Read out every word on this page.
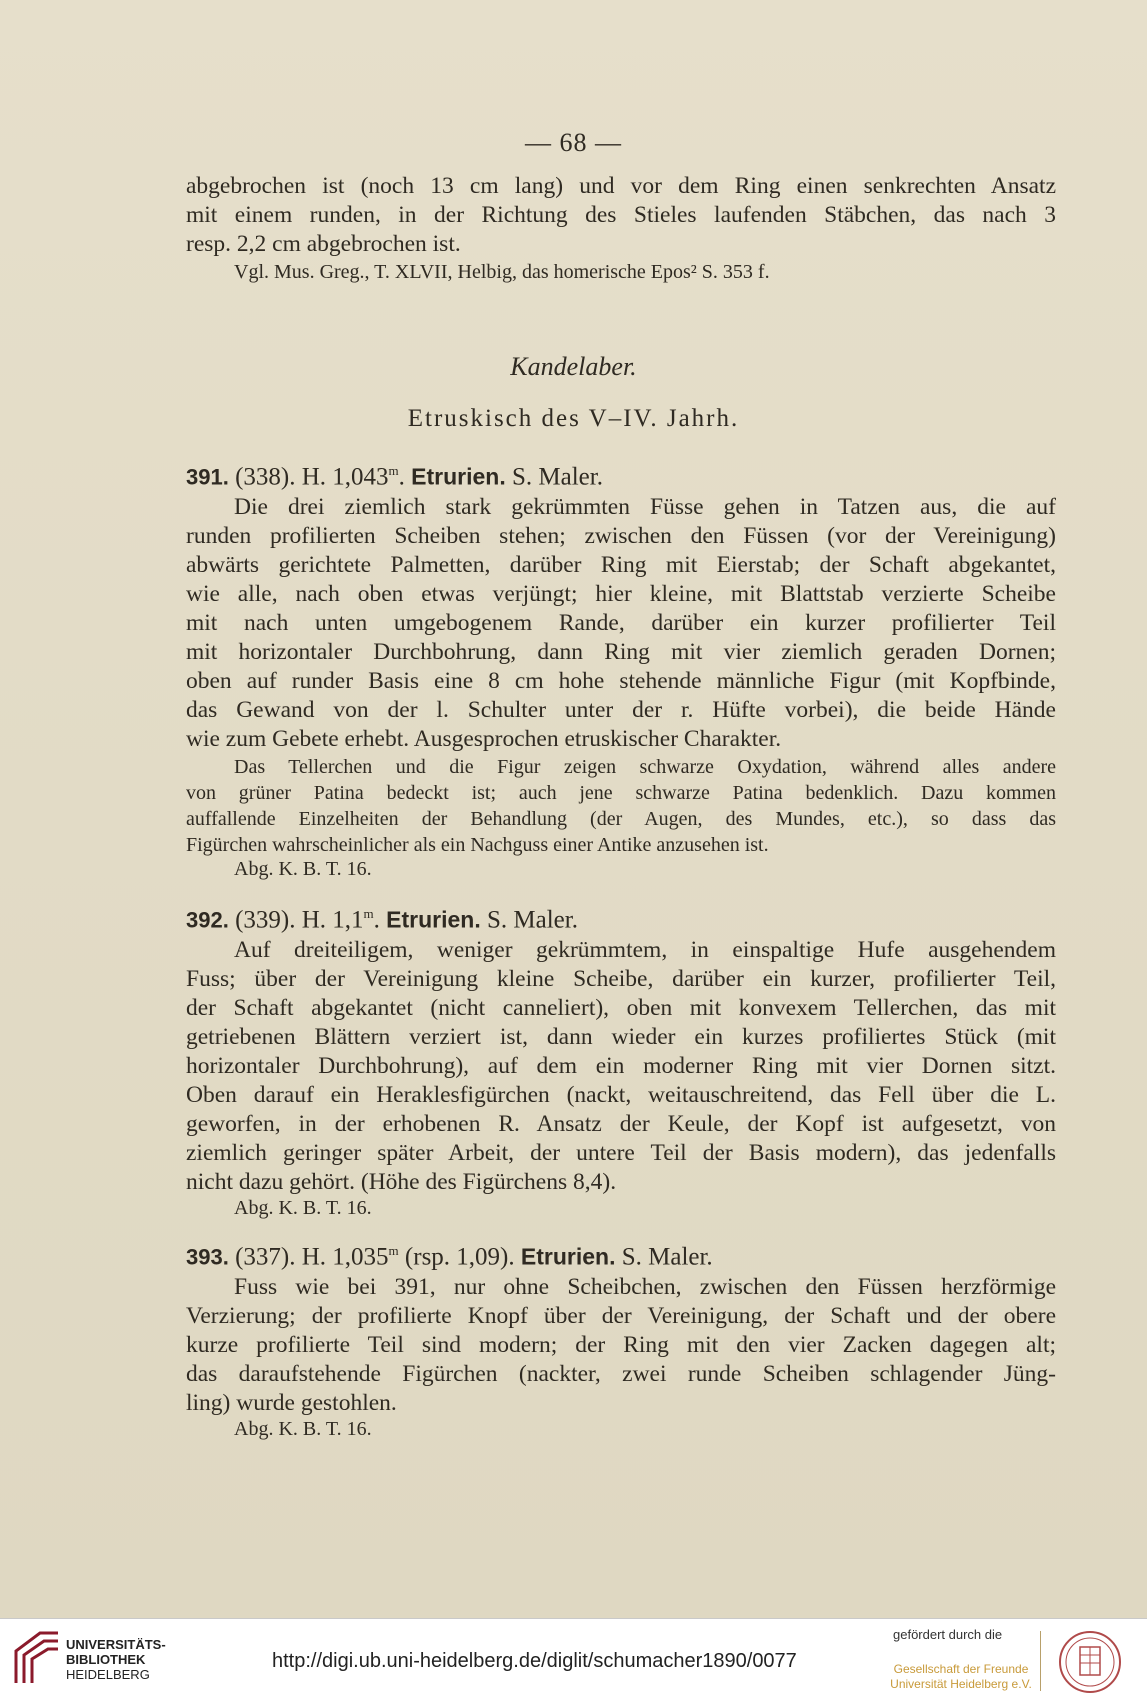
— 68 —

abgebrochen ist (noch 13 cm lang) und vor dem Ring einen senkrechten Ansatz

mit einem runden, in der Richtung des Stieles laufenden Stäbchen, das nach 3

resp. 2,2 cm abgebrochen ist.

Vgl. Mus. Greg., T. XLVII, Helbig, das homerische Epos² S. 353 f.

Kandelaber.
Etruskisch des V–IV. Jahrh.

391. (338). H. 1,043$^m$. Etrurien. S. Maler.

Die drei ziemlich stark gekrümmten Füsse gehen in Tatzen aus, die auf

runden profilierten Scheiben stehen; zwischen den Füssen (vor der Vereinigung)

abwärts gerichtete Palmetten, darüber Ring mit Eierstab; der Schaft abgekantet,

wie alle, nach oben etwas verjüngt; hier kleine, mit Blattstab verzierte Scheibe

mit nach unten umgebogenem Rande, darüber ein kurzer profilierter Teil

mit horizontaler Durchbohrung, dann Ring mit vier ziemlich geraden Dornen;

oben auf runder Basis eine 8 cm hohe stehende männliche Figur (mit Kopfbinde,

das Gewand von der l. Schulter unter der r. Hüfte vorbei), die beide Hände

wie zum Gebete erhebt. Ausgesprochen etruskischer Charakter.

Das Tellerchen und die Figur zeigen schwarze Oxydation, während alles andere

von grüner Patina bedeckt ist; auch jene schwarze Patina bedenklich. Dazu kommen

auffallende Einzelheiten der Behandlung (der Augen, des Mundes, etc.), so dass das

Figürchen wahrscheinlicher als ein Nachguss einer Antike anzusehen ist.

Abg. K. B. T. 16.

392. (339). H. 1,1$^m$. Etrurien. S. Maler.

Auf dreiteiligem, weniger gekrümmtem, in einspaltige Hufe ausgehendem

Fuss; über der Vereinigung kleine Scheibe, darüber ein kurzer, profilierter Teil,

der Schaft abgekantet (nicht canneliert), oben mit konvexem Tellerchen, das mit

getriebenen Blättern verziert ist, dann wieder ein kurzes profiliertes Stück (mit

horizontaler Durchbohrung), auf dem ein moderner Ring mit vier Dornen sitzt.

Oben darauf ein Heraklesfigürchen (nackt, weitauschreitend, das Fell über die L.

geworfen, in der erhobenen R. Ansatz der Keule, der Kopf ist aufgesetzt, von

ziemlich geringer später Arbeit, der untere Teil der Basis modern), das jedenfalls

nicht dazu gehört. (Höhe des Figürchens 8,4).

Abg. K. B. T. 16.

393. (337). H. 1,035$^m$ (rsp. 1,09). Etrurien. S. Maler.

Fuss wie bei 391, nur ohne Scheibchen, zwischen den Füssen herzförmige

Verzierung; der profilierte Knopf über der Vereinigung, der Schaft und der obere

kurze profilierte Teil sind modern; der Ring mit den vier Zacken dagegen alt;

das daraufstehende Figürchen (nackter, zwei runde Scheiben schlagender Jüng-

ling) wurde gestohlen.

Abg. K. B. T. 16.

UNIVERSITÄTS-
BIBLIOTHEK
HEIDELBERG
http://digi.ub.uni-heidelberg.de/diglit/schumacher1890/0077
gefördert durch die
Gesellschaft der Freunde
Universität Heidelberg e.V.
